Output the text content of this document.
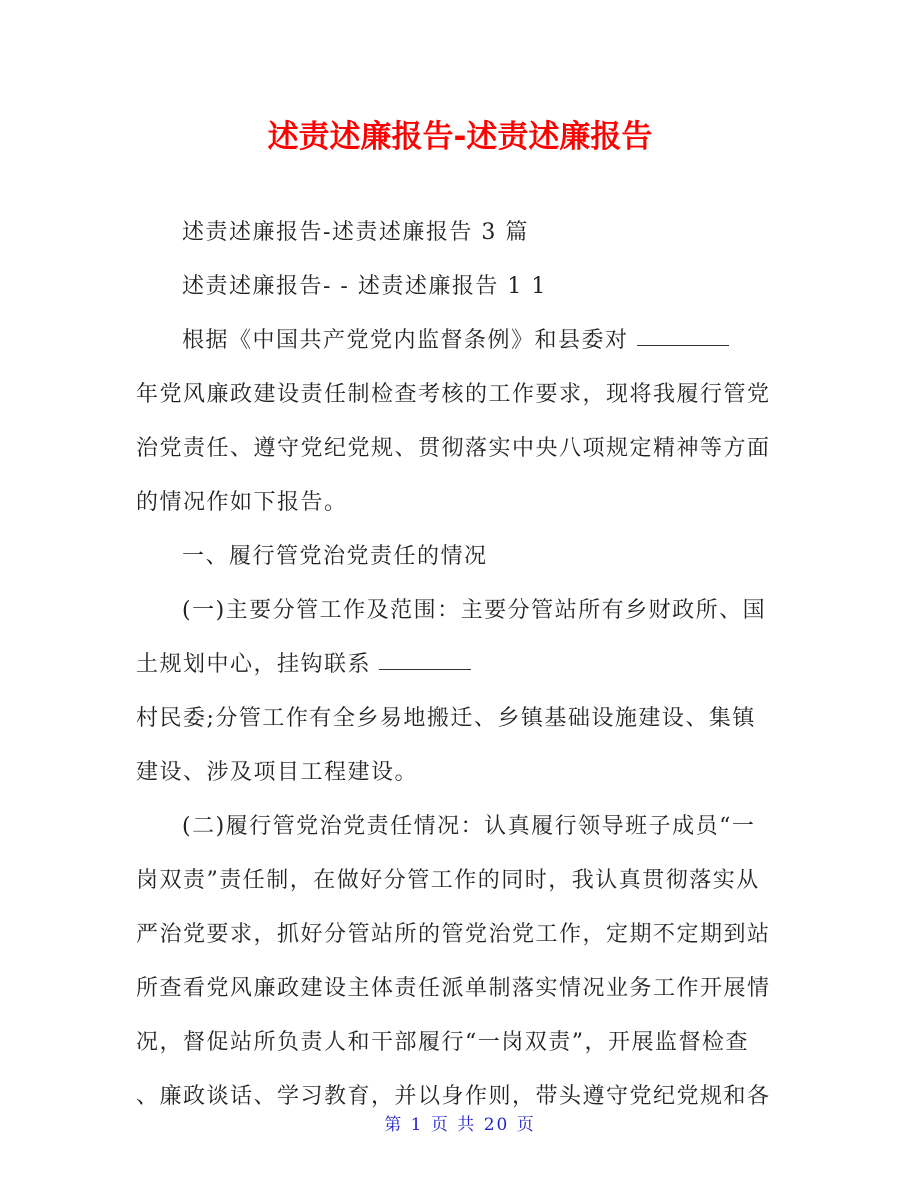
述责述廉报告-述责述廉报告
述责述廉报告-述责述廉报告 3 篇
述责述廉报告- - 述责述廉报告 1 1
根据《中国共产党党内监督条例》和县委对
年党风廉政建设责任制检查考核的工作要求，现将我履行管党
治党责任、遵守党纪党规、贯彻落实中央八项规定精神等方面
的情况作如下报告。
一、履行管党治党责任的情况
(一)主要分管工作及范围：主要分管站所有乡财政所、国
土规划中心，挂钩联系
村民委;分管工作有全乡易地搬迁、乡镇基础设施建设、集镇
建设、涉及项目工程建设。
(二)履行管党治党责任情况：认真履行领导班子成员“一
岗双责”责任制，在做好分管工作的同时，我认真贯彻落实从
严治党要求，抓好分管站所的管党治党工作，定期不定期到站
所查看党风廉政建设主体责任派单制落实情况业务工作开展情
况，督促站所负责人和干部履行“一岗双责”，开展监督检查
、廉政谈话、学习教育，并以身作则，带头遵守党纪党规和各
第 1 页 共 20 页
